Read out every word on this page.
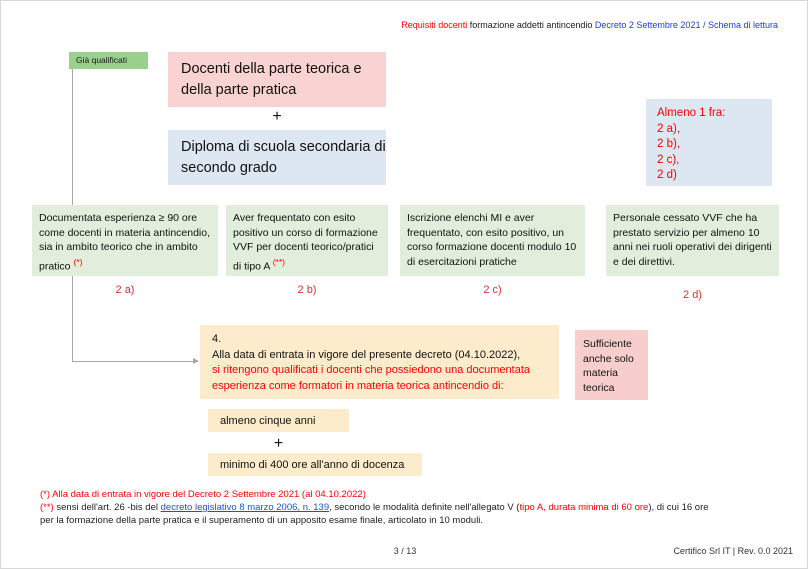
Requisiti docenti formazione addetti antincendio Decreto 2 Settembre 2021 / Schema di lettura
Già qualificati
Docenti della parte teorica e della parte pratica
+
Diploma di scuola secondaria di secondo grado
Almeno 1 fra:
2 a),
2 b),
2 c),
2 d)
Documentata esperienza ≥ 90 ore come docenti in materia antincendio, sia in ambito teorico che in ambito pratico (*)
2 a)
Aver frequentato con esito positivo un corso di formazione VVF per docenti teorico/pratici di tipo A (**)
2 b)
Iscrizione elenchi MI e aver frequentato, con esito positivo, un corso formazione docenti modulo 10 di esercitazioni pratiche
2 c)
Personale cessato VVF che ha prestato servizio per almeno 10 anni nei ruoli operativi dei dirigenti e dei direttivi.
2 d)
4.
Alla data di entrata in vigore del presente decreto (04.10.2022),
si ritengono qualificati i docenti che possiedono una documentata
esperienza come formatori in materia teorica antincendio di:
Sufficiente anche solo materia teorica
almeno cinque anni
+
minimo di 400 ore all'anno di docenza
(*) Alla data di entrata in vigore del Decreto 2 Settembre 2021 (al 04.10.2022)
(**) sensi dell'art. 26 -bis del decreto legislativo 8 marzo 2006, n. 139, secondo le modalità definite nell'allegato V (tipo A, durata minima di 60 ore), di cui 16 ore
per la formazione della parte pratica e il superamento di un apposito esame finale, articolato in 10 moduli.
3 / 13	Certifico Srl IT | Rev. 0.0 2021
